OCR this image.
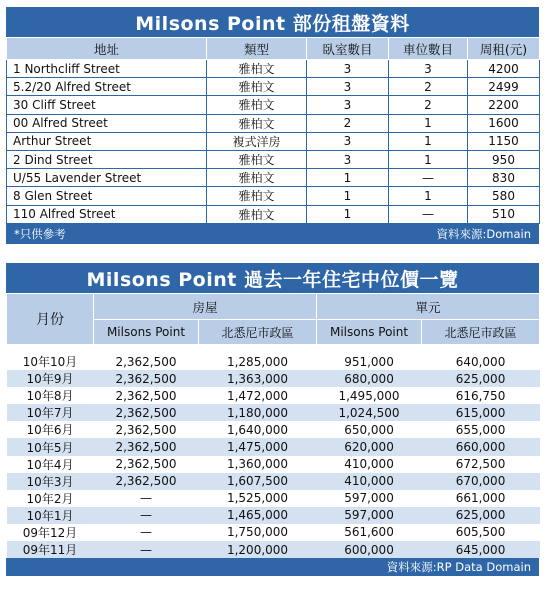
Milsons Point 部份租盤資料
地址	類型	臥室數目	車位數目	周租(元)
1 Northcliff Street	雅柏文	3	3	4200
5.2/20 Alfred Street	雅柏文	3	2	2499
30 Cliff Street	雅柏文	3	2	2200
00 Alfred Street	雅柏文	2	1	1600
Arthur Street	複式洋房	3	1	1150
2 Dind Street	雅柏文	3	1	950
U/55 Lavender Street	雅柏文	1	—	830
8 Glen Street	雅柏文	1	1	580
110 Alfred Street	雅柏文	1	—	510
*只供參考	資料來源:Domain
Milsons Point 過去一年住宅中位價一覽
月份	房屋		單元	
	Milsons Point	北悉尼市政區	Milsons Point	北悉尼市政區

10年10月	2,362,500	1,285,000	951,000	640,000
10年9月	2,362,500	1,363,000	680,000	625,000
10年8月	2,362,500	1,472,000	1,495,000	616,750
10年7月	2,362,500	1,180,000	1,024,500	615,000
10年6月	2,362,500	1,640,000	650,000	655,000
10年5月	2,362,500	1,475,000	620,000	660,000
10年4月	2,362,500	1,360,000	410,000	672,500
10年3月	2,362,500	1,607,500	410,000	670,000
10年2月	—	1,525,000	597,000	661,000
10年1月	—	1,465,000	597,000	625,000
09年12月	—	1,750,000	561,600	605,500
09年11月	—	1,200,000	600,000	645,000
資料來源:RP Data Domain
